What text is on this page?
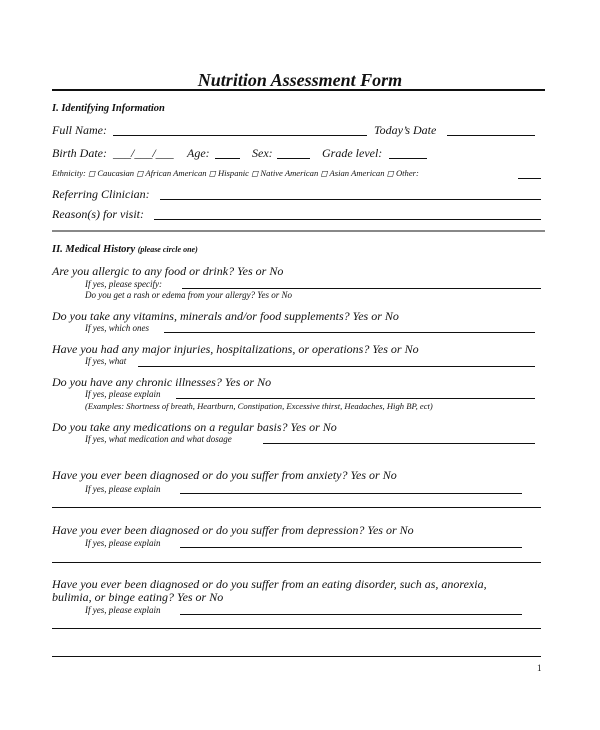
Nutrition Assessment Form
I. Identifying Information
Full Name:	Today’s Date
Birth Date: ___/___/___ Age:	Sex:	Grade level:
Ethnicity: ◻ Caucasian ◻ African American ◻ Hispanic ◻ Native American ◻ Asian American ◻ Other:
Referring Clinician:
Reason(s) for visit:
II. Medical History (please circle one)
Are you allergic to any food or drink? Yes or No
If yes, please specify:
Do you get a rash or edema from your allergy? Yes or No
Do you take any vitamins, minerals and/or food supplements? Yes or No
If yes, which ones
Have you had any major injuries, hospitalizations, or operations? Yes or No
If yes, what
Do you have any chronic illnesses? Yes or No
If yes, please explain
(Examples: Shortness of breath, Heartburn, Constipation, Excessive thirst, Headaches, High BP, ect)
Do you take any medications on a regular basis? Yes or No
If yes, what medication and what dosage
Have you ever been diagnosed or do you suffer from anxiety? Yes or No
If yes, please explain
Have you ever been diagnosed or do you suffer from depression? Yes or No
If yes, please explain
Have you ever been diagnosed or do you suffer from an eating disorder, such as, anorexia,
bulimia, or binge eating? Yes or No
If yes, please explain
1
